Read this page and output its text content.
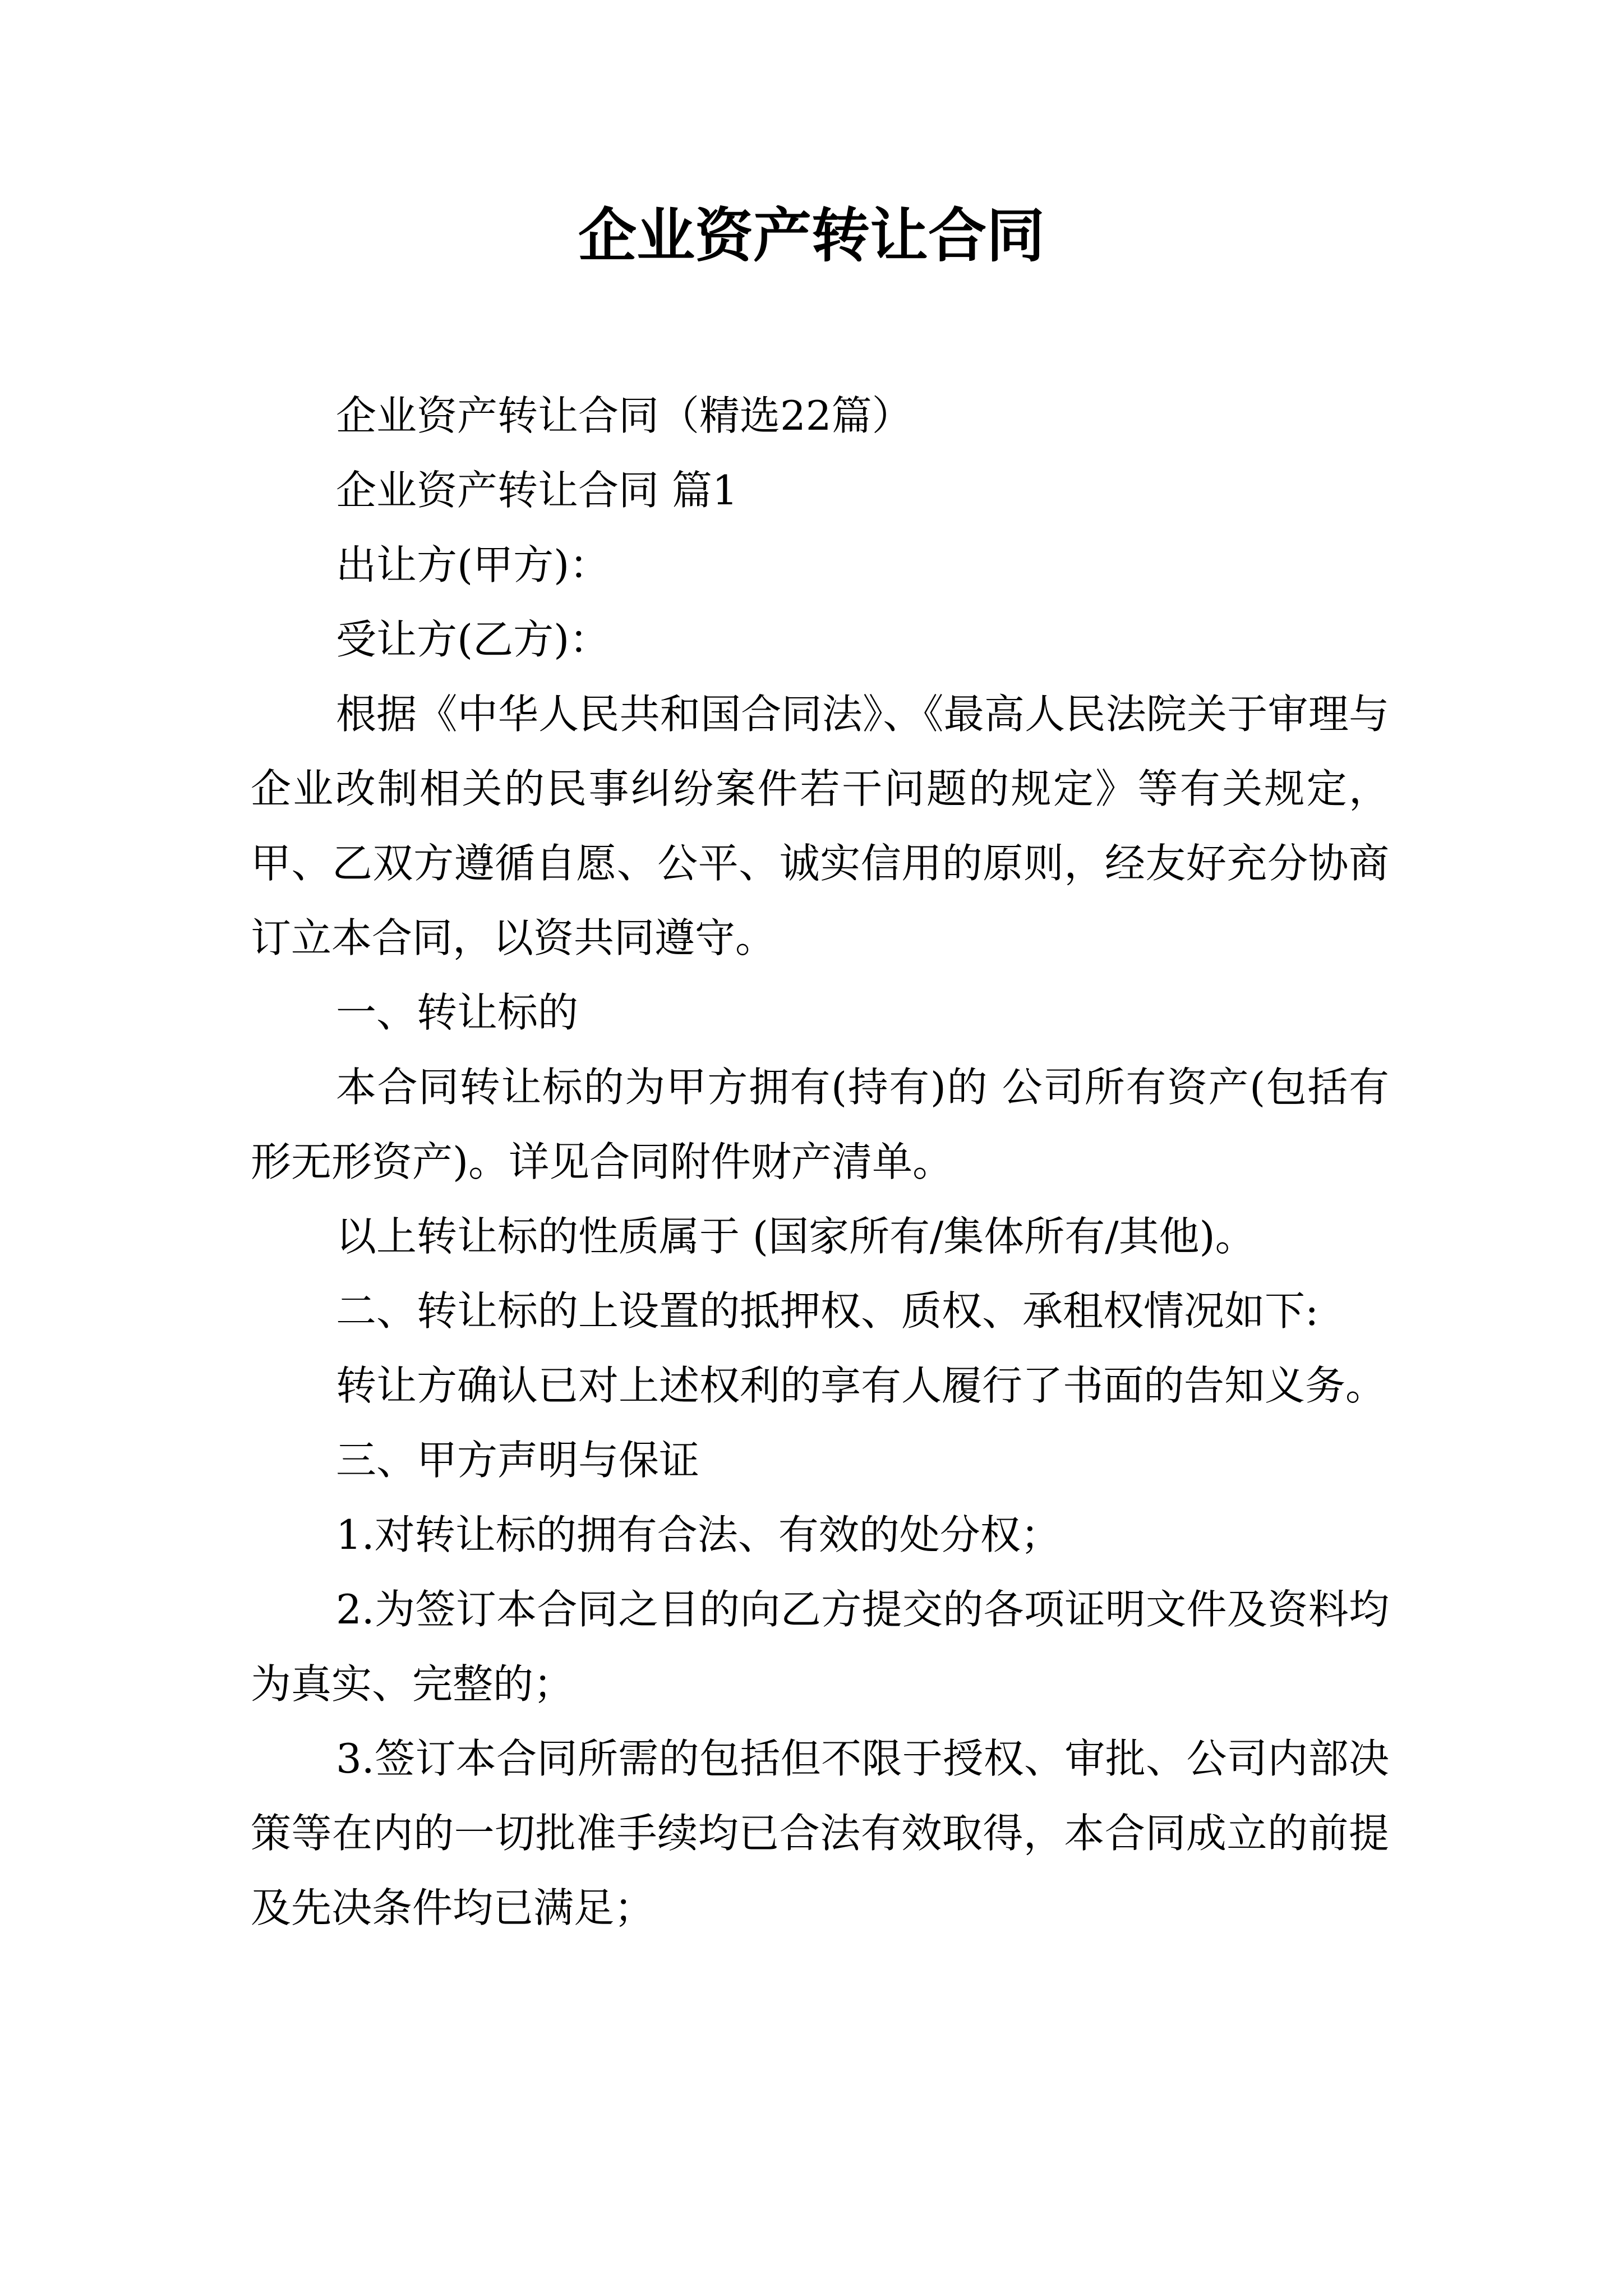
企业资产转让合同

企业资产转让合同（精选22篇）

企业资产转让合同 篇1

出让方(甲方)：

受让方(乙方)：

根据《中华人民共和国合同法》、《最高人民法院关于审理与企业改制相关的民事纠纷案件若干问题的规定》等有关规定，甲、乙双方遵循自愿、公平、诚实信用的原则，经友好充分协商订立本合同，以资共同遵守。

一、转让标的

本合同转让标的为甲方拥有(持有)的 公司所有资产(包括有形无形资产)。详见合同附件财产清单。

以上转让标的性质属于 (国家所有/集体所有/其他)。

二、转让标的上设置的抵押权、质权、承租权情况如下:

转让方确认已对上述权利的享有人履行了书面的告知义务。

三、甲方声明与保证

1.对转让标的拥有合法、有效的处分权；

2.为签订本合同之目的向乙方提交的各项证明文件及资料均为真实、完整的；

3.签订本合同所需的包括但不限于授权、审批、公司内部决策等在内的一切批准手续均已合法有效取得，本合同成立的前提及先决条件均已满足；
